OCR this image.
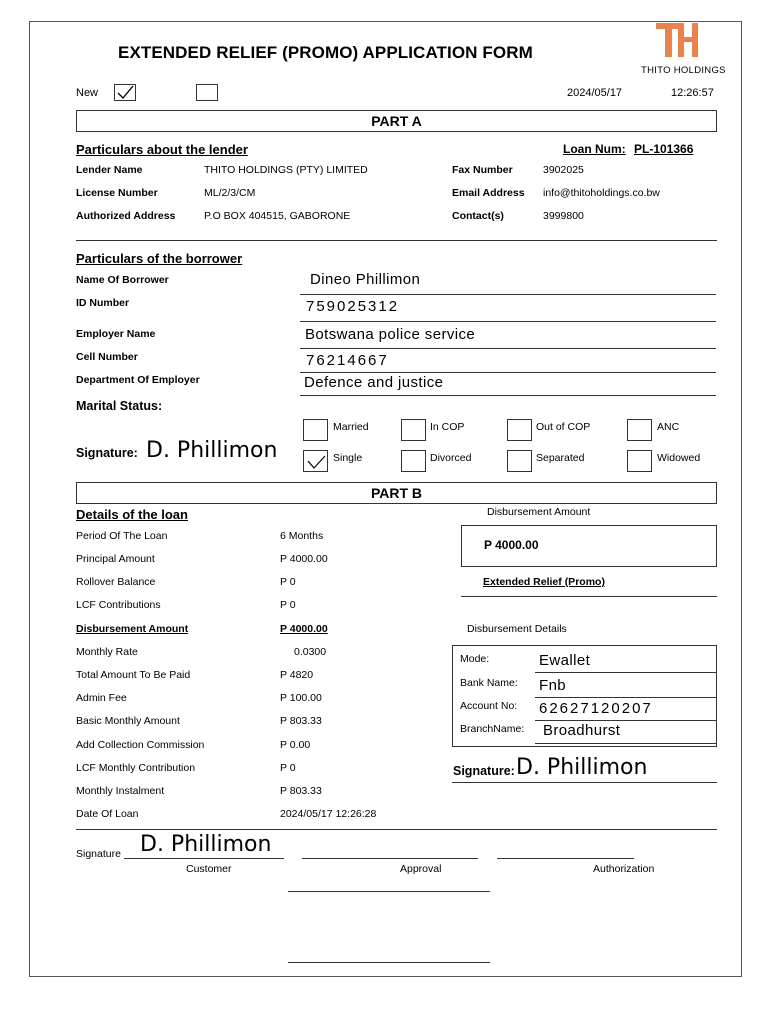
EXTENDED RELIEF (PROMO) APPLICATION FORM
THITO HOLDINGS
New	2024/05/17	12:26:57
PART A
Particulars about the lender	Loan Num: PL-101366
Lender Name	THITO HOLDINGS (PTY) LIMITED	Fax Number	3902025
License Number	ML/2/3/CM	Email Address info@thitoholdings.co.bw
Authorized Address	P.O BOX 404515, GABORONE	Contact(s)	3999800
Particulars of the borrower
Name Of Borrower	Dineo Phillimon
ID Number	759025312
Employer Name	Botswana police service
Cell Number	76214667
Department Of Employer	Defence and justice
Marital Status:
Married	In COP	Out of COP	ANC
Single	Divorced	Separated	Widowed
Signature: D. Phillimon
PART B
Details of the loan	Disbursement Amount
Period Of The Loan	6 Months
Principal Amount	P 4000.00
Rollover Balance	P 0
LCF Contributions	P 0
Disbursement Amount	P 4000.00
Monthly Rate	0.0300
Total Amount To Be Paid	P 4820
Admin Fee	P 100.00
Basic Monthly Amount	P 803.33
Add Collection Commission	P 0.00
LCF Monthly Contribution	P 0
Monthly Instalment	P 803.33
Date Of Loan	2024/05/17 12:26:28
P 4000.00
Extended Relief (Promo)
Disbursement Details
Mode:	Ewallet
Bank Name: Fnb
Account No: 62627120207
BranchName: Broadhurst
Signature: D. Phillimon
Signature D. Phillimon
Customer	Approval	Authorization
